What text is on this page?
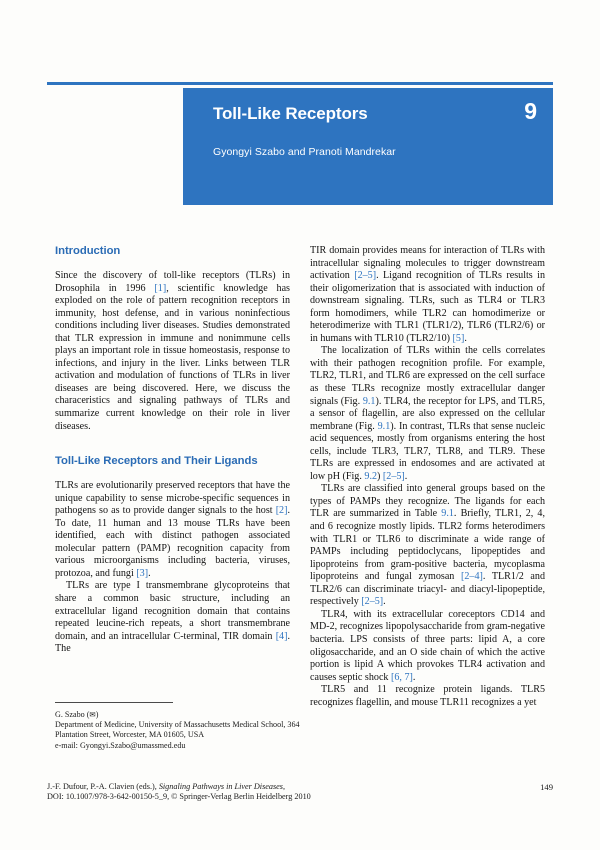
Toll-Like Receptors
Gyongyi Szabo and Pranoti Mandrekar
9
Introduction

Since the discovery of toll-like receptors (TLRs) in Drosophila in 1996 [1], scientific knowledge has exploded on the role of pattern recognition receptors in immunity, host defense, and in various noninfectious conditions including liver diseases. Studies demonstrated that TLR expression in immune and nonimmune cells plays an important role in tissue homeostasis, response to infections, and injury in the liver. Links between TLR activation and modulation of functions of TLRs in liver diseases are being discovered. Here, we discuss the characeristics and signaling pathways of TLRs and summarize current knowledge on their role in liver diseases.

Toll-Like Receptors and Their Ligands

TLRs are evolutionarily preserved receptors that have the unique capability to sense microbe-specific sequences in pathogens so as to provide danger signals to the host [2]. To date, 11 human and 13 mouse TLRs have been identified, each with distinct pathogen associated molecular pattern (PAMP) recognition capacity from various microorganisms including bacteria, viruses, protozoa, and fungi [3].

TLRs are type I transmembrane glycoproteins that share a common basic structure, including an extracellular ligand recognition domain that contains repeated leucine-rich repeats, a short transmembrane domain, and an intracellular C-terminal, TIR domain [4]. The

TIR domain provides means for interaction of TLRs with intracellular signaling molecules to trigger downstream activation [2–5]. Ligand recognition of TLRs results in their oligomerization that is associated with induction of downstream signaling. TLRs, such as TLR4 or TLR3 form homodimers, while TLR2 can homodimerize or heterodimerize with TLR1 (TLR1/2), TLR6 (TLR2/6) or in humans with TLR10 (TLR2/10) [5].

The localization of TLRs within the cells correlates with their pathogen recognition profile. For example, TLR2, TLR1, and TLR6 are expressed on the cell surface as these TLRs recognize mostly extracellular danger signals (Fig. 9.1). TLR4, the receptor for LPS, and TLR5, a sensor of flagellin, are also expressed on the cellular membrane (Fig. 9.1). In contrast, TLRs that sense nucleic acid sequences, mostly from organisms entering the host cells, include TLR3, TLR7, TLR8, and TLR9. These TLRs are expressed in endosomes and are activated at low pH (Fig. 9.2) [2–5].

TLRs are classified into general groups based on the types of PAMPs they recognize. The ligands for each TLR are summarized in Table 9.1. Briefly, TLR1, 2, 4, and 6 recognize mostly lipids. TLR2 forms heterodimers with TLR1 or TLR6 to discriminate a wide range of PAMPs including peptidoclycans, lipopeptides and lipoproteins from gram-positive bacteria, mycoplasma lipoproteins and fungal zymosan [2–4]. TLR1/2 and TLR2/6 can discriminate triacyl- and diacyl-lipopeptide, respectively [2–5].

TLR4, with its extracellular coreceptors CD14 and MD-2, recognizes lipopolysaccharide from gram-negative bacteria. LPS consists of three parts: lipid A, a core oligosaccharide, and an O side chain of which the active portion is lipid A which provokes TLR4 activation and causes septic shock [6, 7].

TLR5 and 11 recognize protein ligands. TLR5 recognizes flagellin, and mouse TLR11 recognizes a yet

G. Szabo (✉)

Department of Medicine, University of Massachusetts Medical School, 364 Plantation Street, Worcester, MA 01605, USA

e-mail: Gyongyi.Szabo@umassmed.edu

J.-F. Dufour, P.-A. Clavien (eds.), Signaling Pathways in Liver Diseases,

DOI: 10.1007/978-3-642-00150-5_9, © Springer-Verlag Berlin Heidelberg 2010

149
